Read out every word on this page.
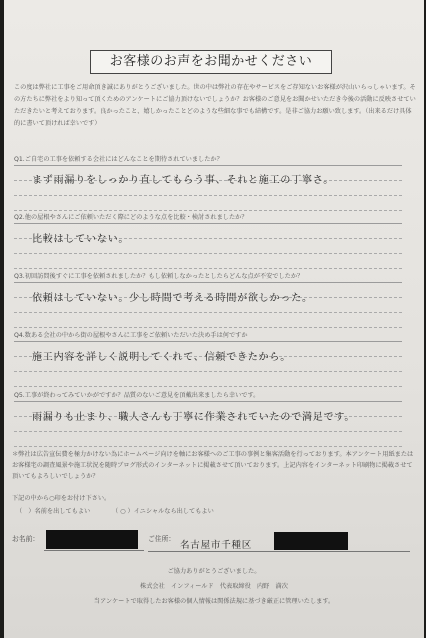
お客様のお声をお聞かせください

この度は弊社に工事をご用命頂き誠にありがとうございました。世の中は弊社の存在やサービスをご存知ないお客様が沢山いらっしゃいます。その方たちに弊社をより知って頂くためのアンケートにご協力頂けないでしょうか？お客様のご意見をお聞かせいただき今後の活動に反映させていただきたいと考えております。良かったこと、嬉しかったことどのような些細な事でも結構です。是非ご協力お願い致します。（出来るだけ具体的に書いて頂ければ幸いです）

Q1.ご自宅の工事を依頼する会社にはどんなことを期待されていましたか？
まず雨漏りをしっかり直してもらう事、それと施工の丁寧さ。
Q2.他の屋根やさんにご依頼いただく際にどのような点を比較・検討されましたか？
比較はしていない。
Q3.初回訪問後すぐに工事を依頼されましたか？もし依頼しなかったとしたらどんな点が不安でしたか？
依頼はしていない。少し時間で考える時間が欲しかった。
Q4.数ある会社の中から街の屋根やさんに工事をご依頼いただいた決め手は何ですか
施工内容を詳しく説明してくれて、信頼できたから。
Q5.工事が終わってみていかがですか？品質のないご意見を頂戴出来ましたら幸いです。
雨漏りも止まり、職人さんも丁寧に作業されていたので満足です。

＊弊社は広告宣伝費を極力かけない為にホームページ向けを軸にお客様へのご工事の事例と集客活動を行っております。本アンケート用紙またはお客様宅の調査風景や施工状況を随時ブログ形式のインターネットに掲載させて頂いております。上記内容をインターネット印刷物に掲載させて頂いてもよろしいでしょうか？

下記の中から○印をお付け下さい。
（　）名前を出してもよい	（ ○ ）イニシャルなら出してもよい
お名前：	ご住所：
名古屋市千種区
ご協力ありがとうございました。
株式会社　インフィールド　代表取締役　内野　満次
当アンケートで取得したお客様の個人情報は関係法規に基づき厳正に管理いたします。
